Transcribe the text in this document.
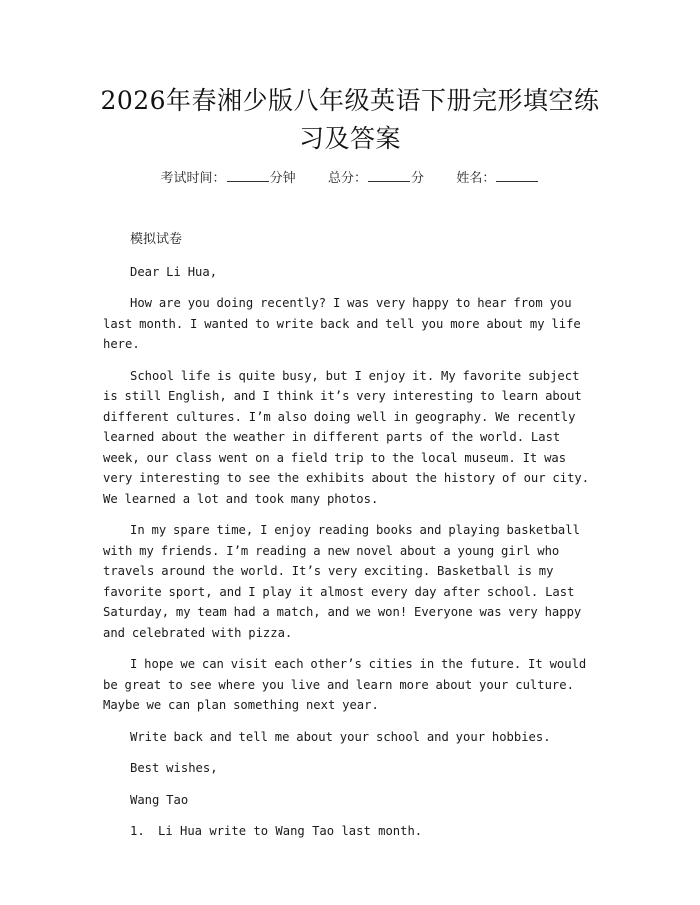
2026年春湘少版八年级英语下册完形填空练习及答案
考试时间：	分钟 总分：	分 姓名：

模拟试卷

Dear Li Hua,

How are you doing recently? I was very happy to hear from you last month. I wanted to write back and tell you more about my life here.

School life is quite busy, but I enjoy it. My favorite subject is still English, and I think it’s very interesting to learn about different cultures. I’m also doing well in geography. We recently learned about the weather in different parts of the world. Last week, our class went on a field trip to the local museum. It was very interesting to see the exhibits about the history of our city. We learned a lot and took many photos.

In my spare time, I enjoy reading books and playing basketball with my friends. I’m reading a new novel about a young girl who travels around the world. It’s very exciting. Basketball is my favorite sport, and I play it almost every day after school. Last Saturday, my team had a match, and we won! Everyone was very happy and celebrated with pizza.

I hope we can visit each other’s cities in the future. It would be great to see where you live and learn more about your culture. Maybe we can plan something next year.

Write back and tell me about your school and your hobbies.

Best wishes,

Wang Tao

1. Li Hua write to Wang Tao last month.
